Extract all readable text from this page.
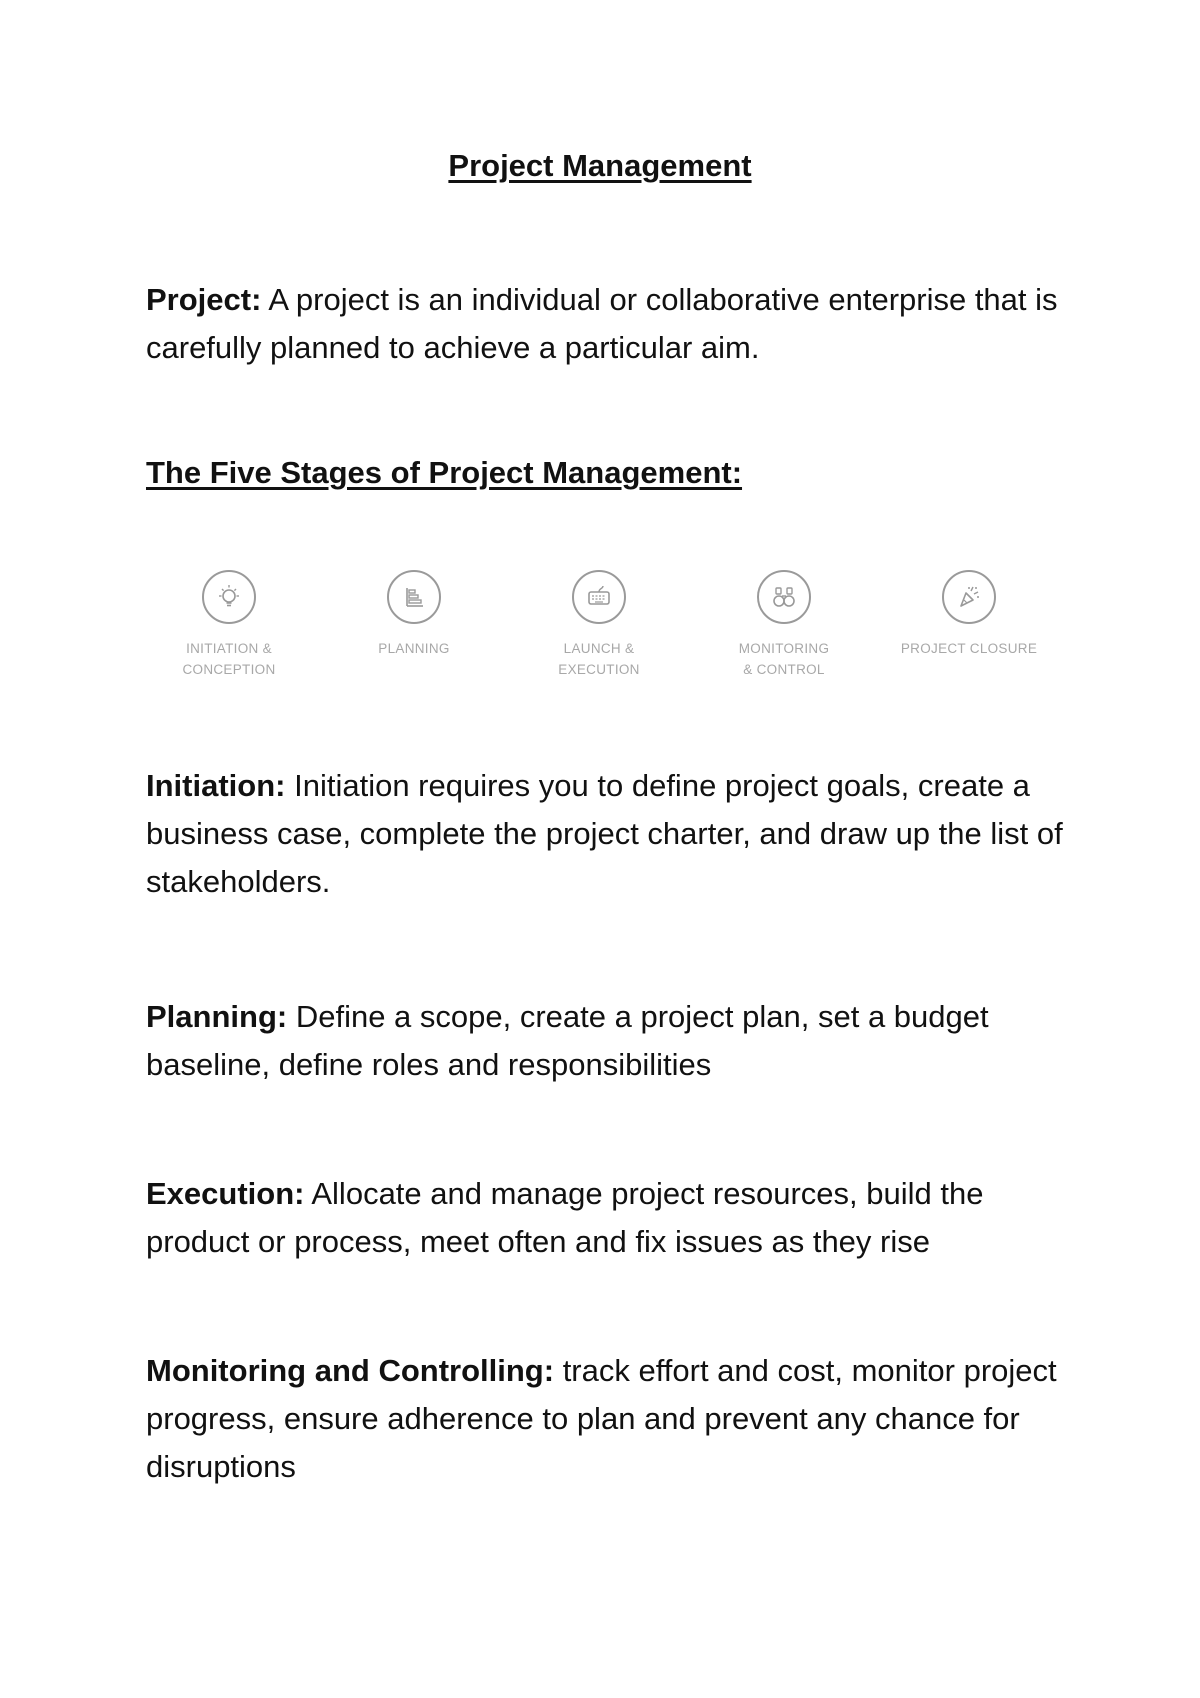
Project Management

Project: A project is an individual or collaborative enterprise that is carefully planned to achieve a particular aim.

The Five Stages of Project Management:
INITIATION &
CONCEPTION
PLANNING	LAUNCH &
EXECUTION
MONITORING
& CONTROL
PROJECT CLOSURE

Initiation: Initiation requires you to define project goals, create a business case, complete the project charter, and draw up the list of stakeholders.

Planning: Define a scope, create a project plan, set a budget baseline, define roles and responsibilities

Execution: Allocate and manage project resources, build the product or process, meet often and fix issues as they rise

Monitoring and Controlling: track effort and cost, monitor project progress, ensure adherence to plan and prevent any chance for disruptions
